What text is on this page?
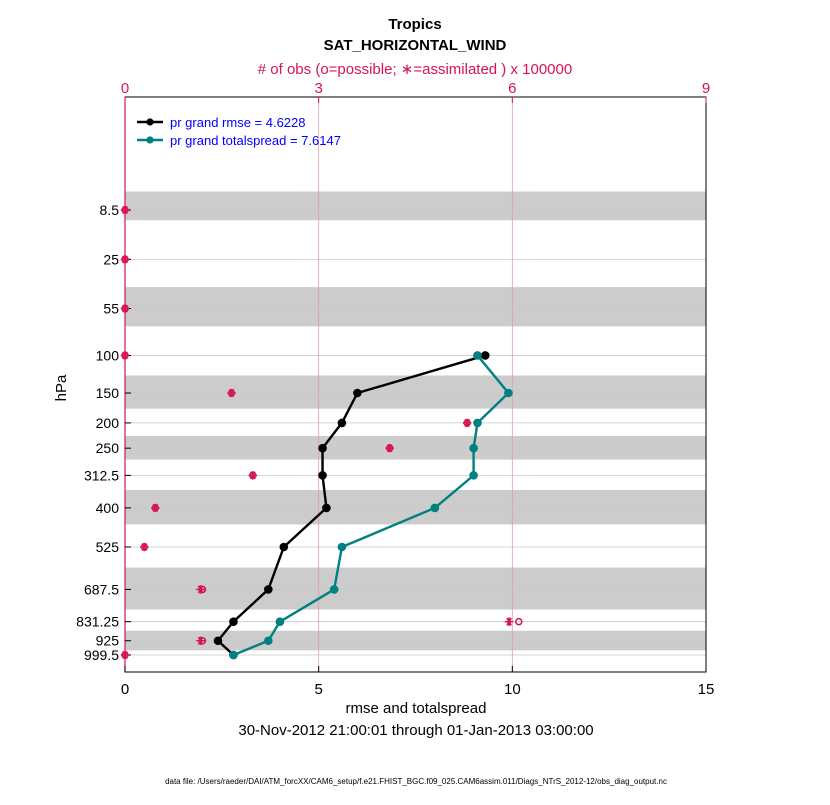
Tropics
SAT_HORIZONTAL_WIND
# of obs (o=possible; ∗=assimilated ) x 100000
rmse and totalspread
30-Nov-2012 21:00:01 through 01-Jan-2013 03:00:00
hPa
data file: /Users/raeder/DAI/ATM_forcXX/CAM6_setup/f.e21.FHIST_BGC.f09_025.CAM6assim.011/Diags_NTrS_2012-12/obs_diag_output.nc
0	5	10	15
0	3	6	9
8.5
25
55
100
150
200
250
312.5
400
525
687.5
831.25
925
999.5
pr grand rmse = 4.6228
pr grand totalspread = 7.6147
